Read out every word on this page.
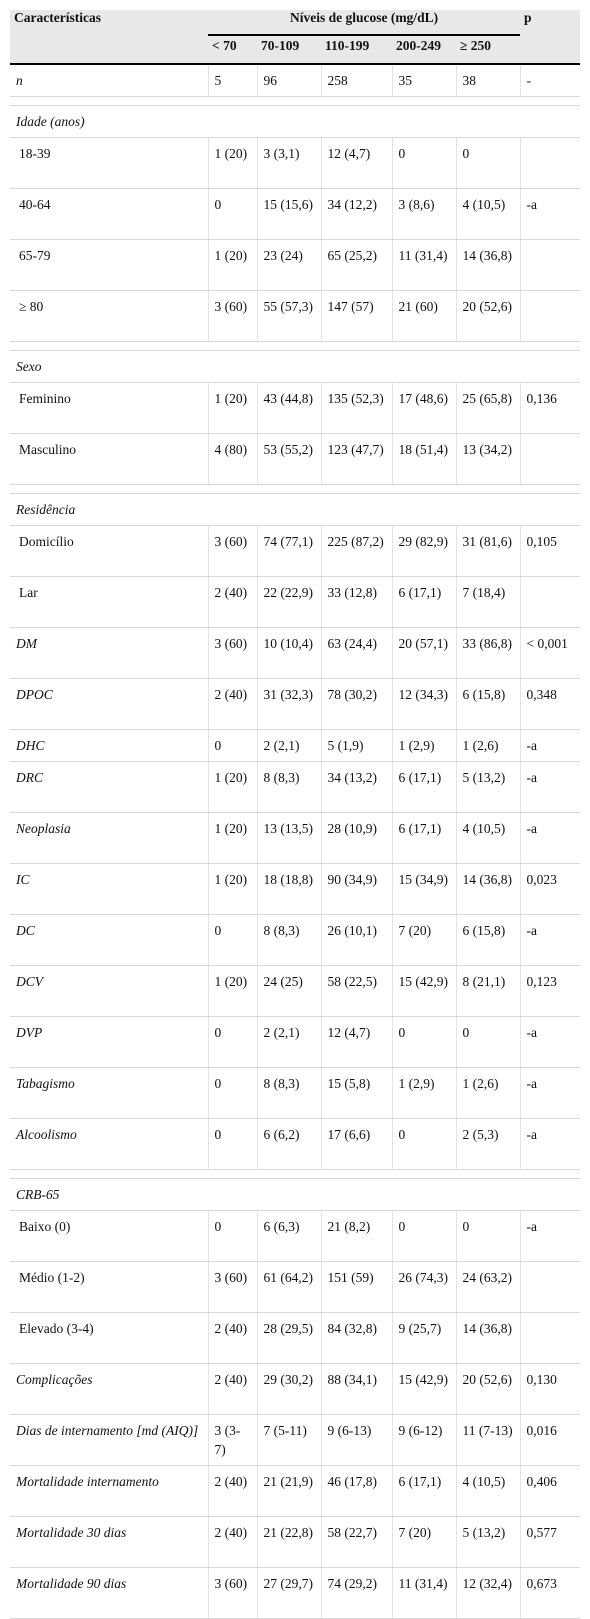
Características	Níveis de glucose (mg/dL)					p
	< 70	70-109	110-199	200-249	≥ 250	
n	5	96	258	35	38	-

Idade (anos)						
18-39	1 (20)	3 (3,1)	12 (4,7)	0	0	
40-64	0	15 (15,6)	34 (12,2)	3 (8,6)	4 (10,5)	-a
65-79	1 (20)	23 (24)	65 (25,2)	11 (31,4)	14 (36,8)	
≥ 80	3 (60)	55 (57,3)	147 (57)	21 (60)	20 (52,6)	

Sexo						
Feminino	1 (20)	43 (44,8)	135 (52,3)	17 (48,6)	25 (65,8)	0,136
Masculino	4 (80)	53 (55,2)	123 (47,7)	18 (51,4)	13 (34,2)	

Residência						
Domicílio	3 (60)	74 (77,1)	225 (87,2)	29 (82,9)	31 (81,6)	0,105
Lar	2 (40)	22 (22,9)	33 (12,8)	6 (17,1)	7 (18,4)	
DM	3 (60)	10 (10,4)	63 (24,4)	20 (57,1)	33 (86,8)	< 0,001
DPOC	2 (40)	31 (32,3)	78 (30,2)	12 (34,3)	6 (15,8)	0,348
DHC	0	2 (2,1)	5 (1,9)	1 (2,9)	1 (2,6)	-a
DRC	1 (20)	8 (8,3)	34 (13,2)	6 (17,1)	5 (13,2)	-a
Neoplasia	1 (20)	13 (13,5)	28 (10,9)	6 (17,1)	4 (10,5)	-a
IC	1 (20)	18 (18,8)	90 (34,9)	15 (34,9)	14 (36,8)	0,023
DC	0	8 (8,3)	26 (10,1)	7 (20)	6 (15,8)	-a
DCV	1 (20)	24 (25)	58 (22,5)	15 (42,9)	8 (21,1)	0,123
DVP	0	2 (2,1)	12 (4,7)	0	0	-a
Tabagismo	0	8 (8,3)	15 (5,8)	1 (2,9)	1 (2,6)	-a
Alcoolismo	0	6 (6,2)	17 (6,6)	0	2 (5,3)	-a

CRB-65						
Baixo (0)	0	6 (6,3)	21 (8,2)	0	0	-a
Médio (1-2)	3 (60)	61 (64,2)	151 (59)	26 (74,3)	24 (63,2)	
Elevado (3-4)	2 (40)	28 (29,5)	84 (32,8)	9 (25,7)	14 (36,8)	
Complicações	2 (40)	29 (30,2)	88 (34,1)	15 (42,9)	20 (52,6)	0,130
Dias de internamento [md (AIQ)]	3 (3-7)	7 (5-11)	9 (6-13)	9 (6-12)	11 (7-13)	0,016
Mortalidade internamento	2 (40)	21 (21,9)	46 (17,8)	6 (17,1)	4 (10,5)	0,406
Mortalidade 30 dias	2 (40)	21 (22,8)	58 (22,7)	7 (20)	5 (13,2)	0,577
Mortalidade 90 dias	3 (60)	27 (29,7)	74 (29,2)	11 (31,4)	12 (32,4)	0,673
